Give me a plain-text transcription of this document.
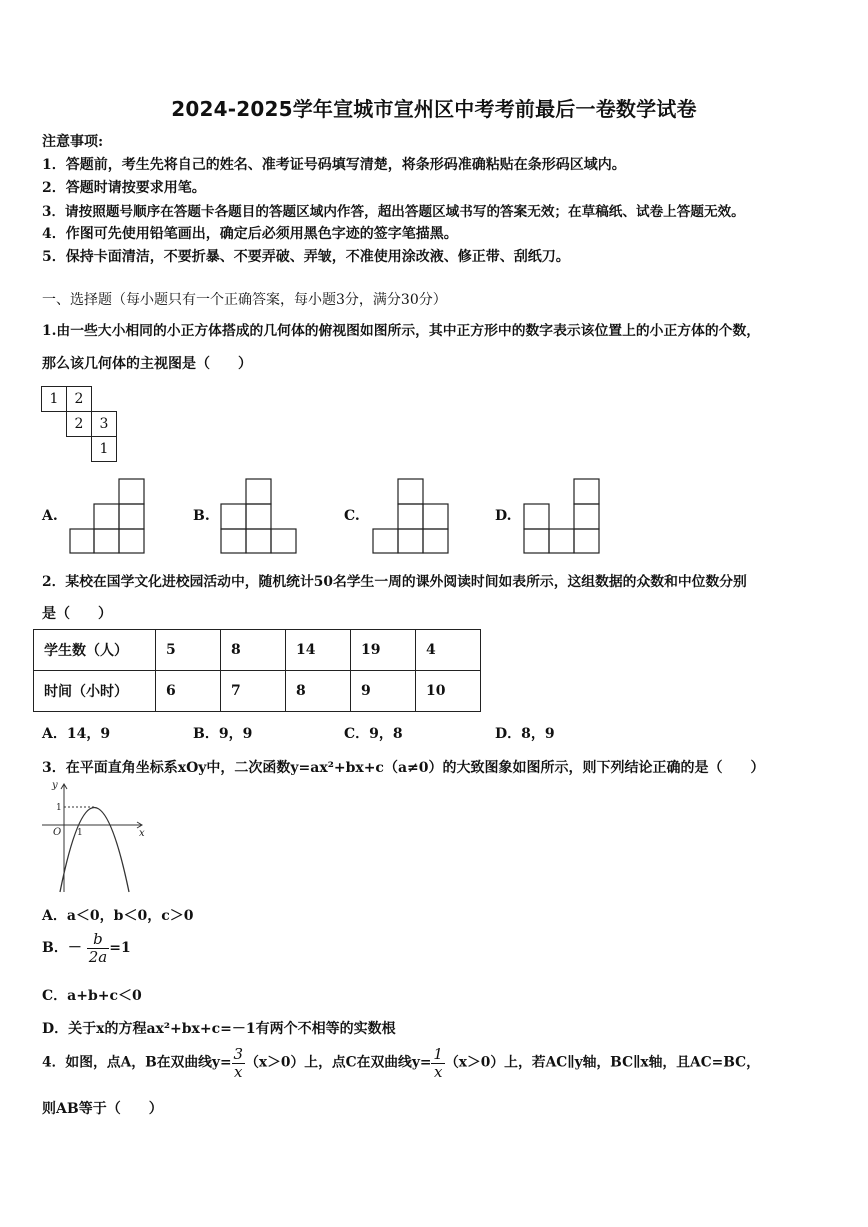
2024-2025学年宣城市宣州区中考考前最后一卷数学试卷
注意事项:
1．答题前，考生先将自己的姓名、准考证号码填写清楚，将条形码准确粘贴在条形码区域内。
2．答题时请按要求用笔。
3．请按照题号顺序在答题卡各题目的答题区域内作答，超出答题区域书写的答案无效；在草稿纸、试卷上答题无效。
4．作图可先使用铅笔画出，确定后必须用黑色字迹的签字笔描黑。
5．保持卡面清洁，不要折暴、不要弄破、弄皱，不准使用涂改液、修正带、刮纸刀。
一、选择题（每小题只有一个正确答案，每小题3分，满分30分）
1.由一些大小相同的小正方体搭成的几何体的俯视图如图所示，其中正方形中的数字表示该位置上的小正方体的个数，
那么该几何体的主视图是（　　）
1	2	
	2	3
		1
A.	B.	C.	D.
2．某校在国学文化进校园活动中，随机统计50名学生一周的课外阅读时间如表所示，这组数据的众数和中位数分别
是（　　）
学生数（人）	5	8	14	19	4
时间（小时）	6	7	8	9	10
A．14，9	B．9，9	C．9，8	D．8，9
3．在平面直角坐标系xOy中，二次函数y=ax²+bx+c（a≠0）的大致图象如图所示，则下列结论正确的是（　　）
y
x
O 1
1
A．a＜0，b＜0，c＞0
B．－ $\frac{b}{2a} =1$
C．a+b+c＜0
D．关于x的方程ax²+bx+c=－1有两个不相等的实数根
4．如图，点A，B在双曲线$y= \frac{3}{x} (x>0)$上，点C在双曲线$y= \frac{1}{x} (x>0)$上，若AC∥y轴，BC∥x轴，且AC=BC，
则AB等于（　　）
